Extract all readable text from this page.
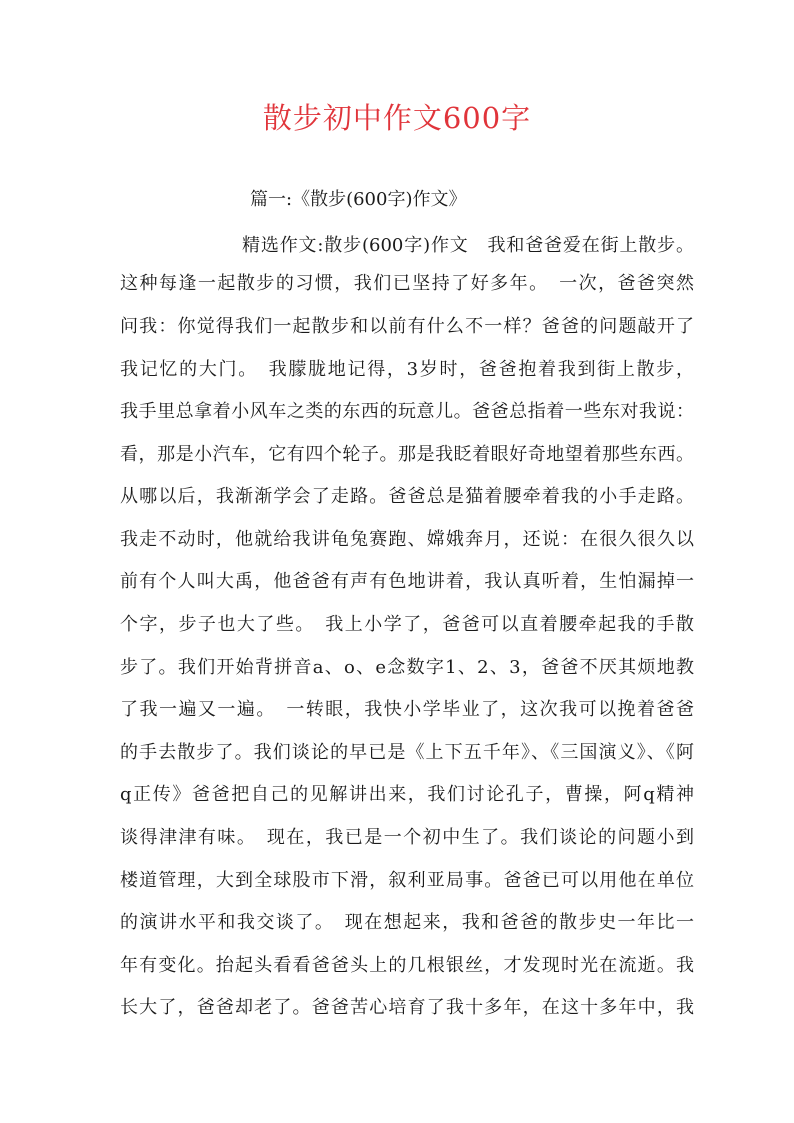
散步初中作文600字

篇一:《散步(600字)作文》

精选作文:散步(600字)作文　我和爸爸爱在街上散步。

这种每逢一起散步的习惯，我们已坚持了好多年。　一次，爸爸突然

问我：你觉得我们一起散步和以前有什么不一样？爸爸的问题敲开了

我记忆的大门。　我朦胧地记得，3岁时，爸爸抱着我到街上散步，

我手里总拿着小风车之类的东西的玩意儿。爸爸总指着一些东对我说：

看，那是小汽车，它有四个轮子。那是我眨着眼好奇地望着那些东西。

从哪以后，我渐渐学会了走路。爸爸总是猫着腰牵着我的小手走路。

我走不动时，他就给我讲龟兔赛跑、嫦娥奔月，还说：在很久很久以

前有个人叫大禹，他爸爸有声有色地讲着，我认真听着，生怕漏掉一

个字，步子也大了些。　我上小学了，爸爸可以直着腰牵起我的手散

步了。我们开始背拼音a、o、e念数字1、2、3，爸爸不厌其烦地教

了我一遍又一遍。　一转眼，我快小学毕业了，这次我可以挽着爸爸

的手去散步了。我们谈论的早已是《上下五千年》、《三国演义》、《阿

q正传》爸爸把自己的见解讲出来，我们讨论孔子，曹操，阿q精神

谈得津津有味。　现在，我已是一个初中生了。我们谈论的问题小到

楼道管理，大到全球股市下滑，叙利亚局事。爸爸已可以用他在单位

的演讲水平和我交谈了。　现在想起来，我和爸爸的散步史一年比一

年有变化。抬起头看看爸爸头上的几根银丝，才发现时光在流逝。我

长大了，爸爸却老了。爸爸苦心培育了我十多年，在这十多年中，我
